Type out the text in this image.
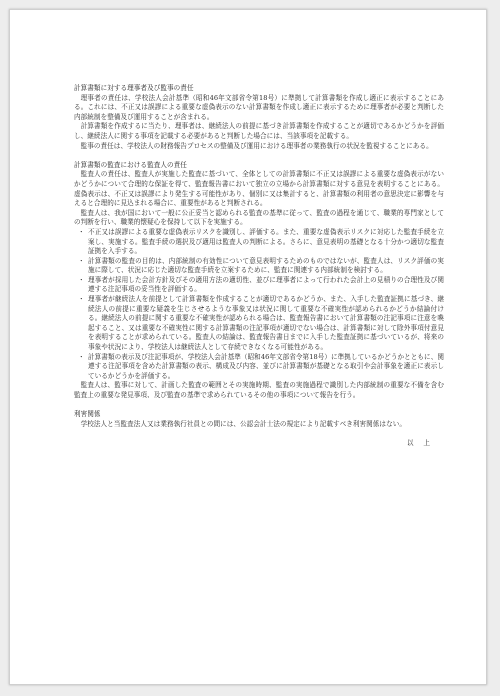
計算書類に対する理事者及び監事の責任

理事者の責任は、学校法人会計基準（昭和46年文部省令第18号）に準拠して計算書類を作成し適正に表示することにある。これには、不正又は誤謬による重要な虚偽表示のない計算書類を作成し適正に表示するために理事者が必要と判断した内部統制を整備及び運用することが含まれる。

計算書類を作成するに当たり、理事者は、継続法人の前提に基づき計算書類を作成することが適切であるかどうかを評価し、継続法人に関する事項を記載する必要があると判断した場合には、当該事項を記載する。

監事の責任は、学校法人の財務報告プロセスの整備及び運用における理事者の業務執行の状況を監視することにある。

計算書類の監査における監査人の責任

監査人の責任は、監査人が実施した監査に基づいて、全体としての計算書類に不正又は誤謬による重要な虚偽表示がないかどうかについて合理的な保証を得て、監査報告書において独立の立場から計算書類に対する意見を表明することにある。虚偽表示は、不正又は誤謬により発生する可能性があり、個別に又は集計すると、計算書類の利用者の意思決定に影響を与えると合理的に見込まれる場合に、重要性があると判断される。

監査人は、我が国において一般に公正妥当と認められる監査の基準に従って、監査の過程を通じて、職業的専門家としての判断を行い、職業的懐疑心を保持して以下を実施する。

・ 不正又は誤謬による重要な虚偽表示リスクを識別し、評価する。また、重要な虚偽表示リスクに対応した監査手続を立案し、実施する。監査手続の選択及び適用は監査人の判断による。さらに、意見表明の基礎となる十分かつ適切な監査証拠を入手する。
・ 計算書類の監査の目的は、内部統制の有効性について意見表明するためのものではないが、監査人は、リスク評価の実施に際して、状況に応じた適切な監査手続を立案するために、監査に関連する内部統制を検討する。
・ 理事者が採用した会計方針及びその適用方法の適切性、並びに理事者によって行われた会計上の見積りの合理性及び関連する注記事項の妥当性を評価する。
・ 理事者が継続法人を前提として計算書類を作成することが適切であるかどうか、また、入手した監査証拠に基づき、継続法人の前提に重要な疑義を生じさせるような事象又は状況に関して重要な不確実性が認められるかどうか結論付ける。継続法人の前提に関する重要な不確実性が認められる場合は、監査報告書において計算書類の注記事項に注意を喚起すること、又は重要な不確実性に関する計算書類の注記事項が適切でない場合は、計算書類に対して除外事項付意見を表明することが求められている。監査人の結論は、監査報告書日までに入手した監査証拠に基づいているが、将来の事象や状況により、学校法人は継続法人として存続できなくなる可能性がある。
・ 計算書類の表示及び注記事項が、学校法人会計基準（昭和46年文部省令第18号）に準拠しているかどうかとともに、関連する注記事項を含めた計算書類の表示、構成及び内容、並びに計算書類が基礎となる取引や会計事象を適正に表示しているかどうかを評価する。

監査人は、監事に対して、計画した監査の範囲とその実施時期、監査の実施過程で識別した内部統制の重要な不備を含む監査上の重要な発見事項、及び監査の基準で求められているその他の事項について報告を行う。

利害関係

学校法人と当監査法人又は業務執行社員との間には、公認会計士法の規定により記載すべき利害関係はない。

以上
